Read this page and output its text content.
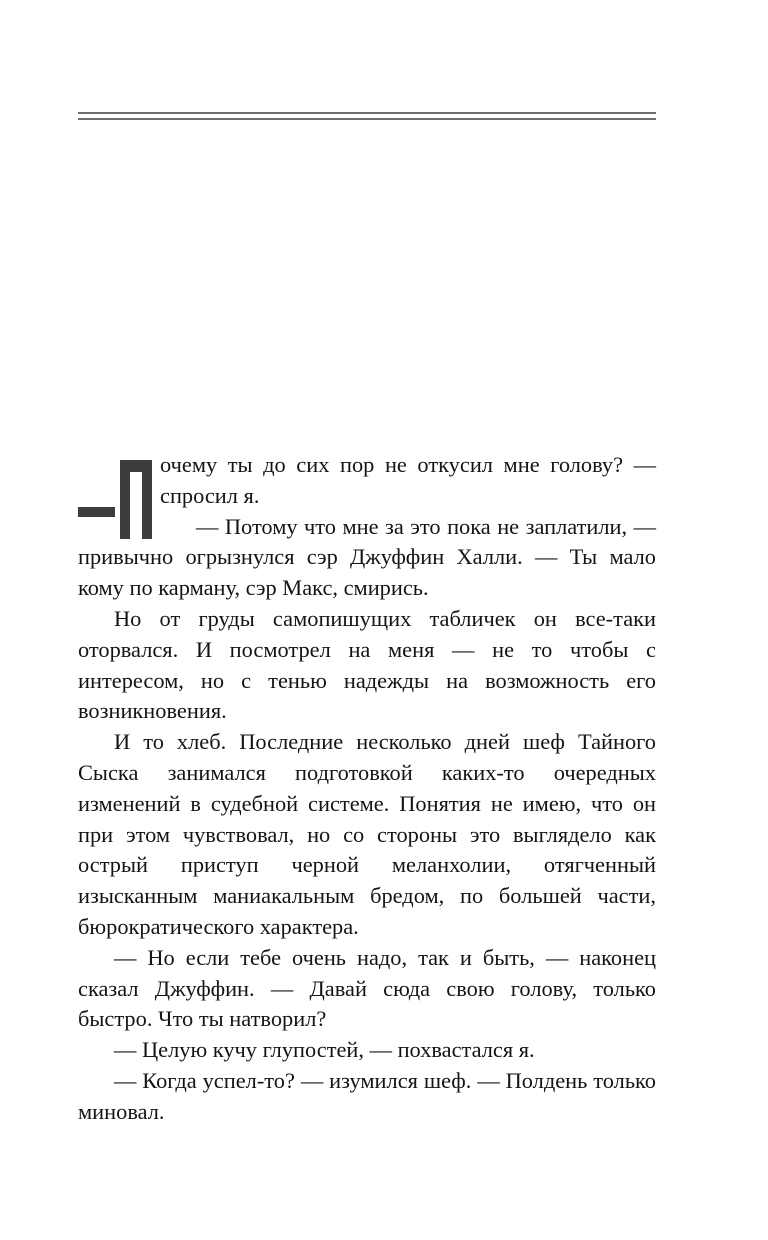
очему ты до сих пор не откусил мне голову? — спросил я.

— Потому что мне за это пока не заплатили, — привычно огрызнулся сэр Джуффин Халли. — Ты мало кому по карману, сэр Макс, смирись.

Но от груды самопишущих табличек он все-таки оторвался. И посмотрел на меня — не то чтобы с интересом, но с тенью надежды на возможность его возникновения.

И то хлеб. Последние несколько дней шеф Тайного Сыска занимался подготовкой каких-то очередных изменений в судебной системе. Понятия не имею, что он при этом чувствовал, но со стороны это выглядело как острый приступ черной меланхолии, отягченный изысканным маниакальным бредом, по большей части, бюрократического характера.

— Но если тебе очень надо, так и быть, — наконец сказал Джуффин. — Давай сюда свою голову, только быстро. Что ты натворил?

— Целую кучу глупостей, — похвастался я.

— Когда успел-то? — изумился шеф. — Полдень только миновал.
